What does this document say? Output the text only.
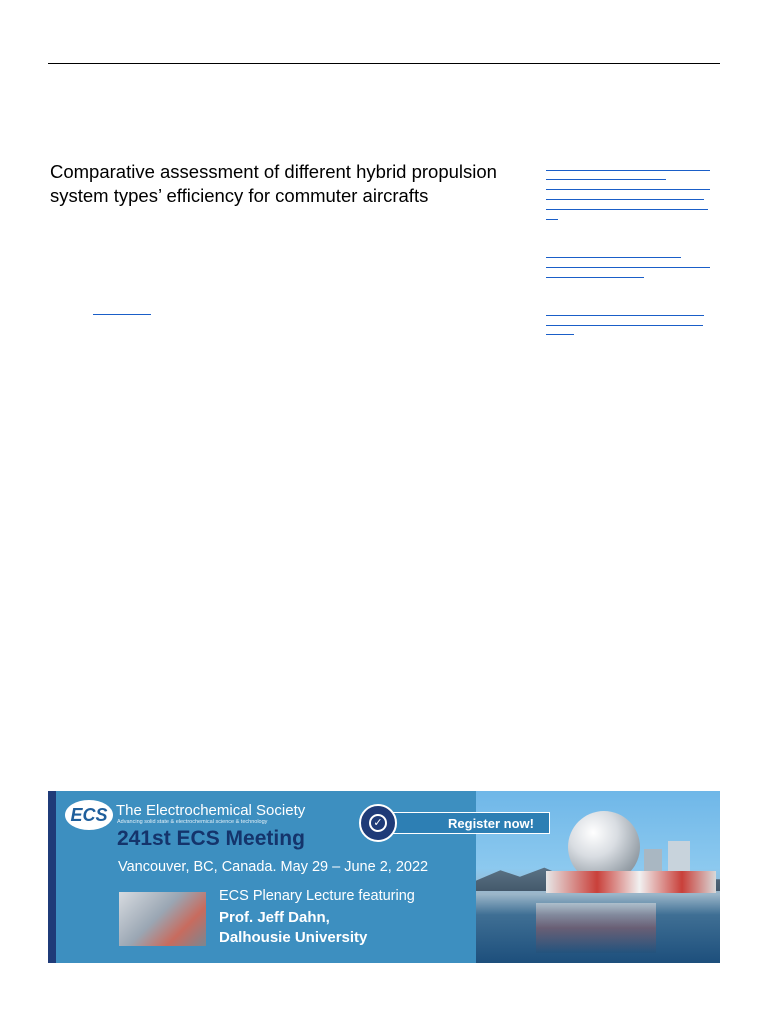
Comparative assessment of different hybrid propulsion system types’ efficiency for commuter aircrafts
ECS The Electrochemical Society
Advancing solid state & electrochemical science & technology
241st ECS Meeting
Vancouver, BC, Canada. May 29 – June 2, 2022
ECS Plenary Lecture featuring
Prof. Jeff Dahn,
Dalhousie University
Register now!
✓
